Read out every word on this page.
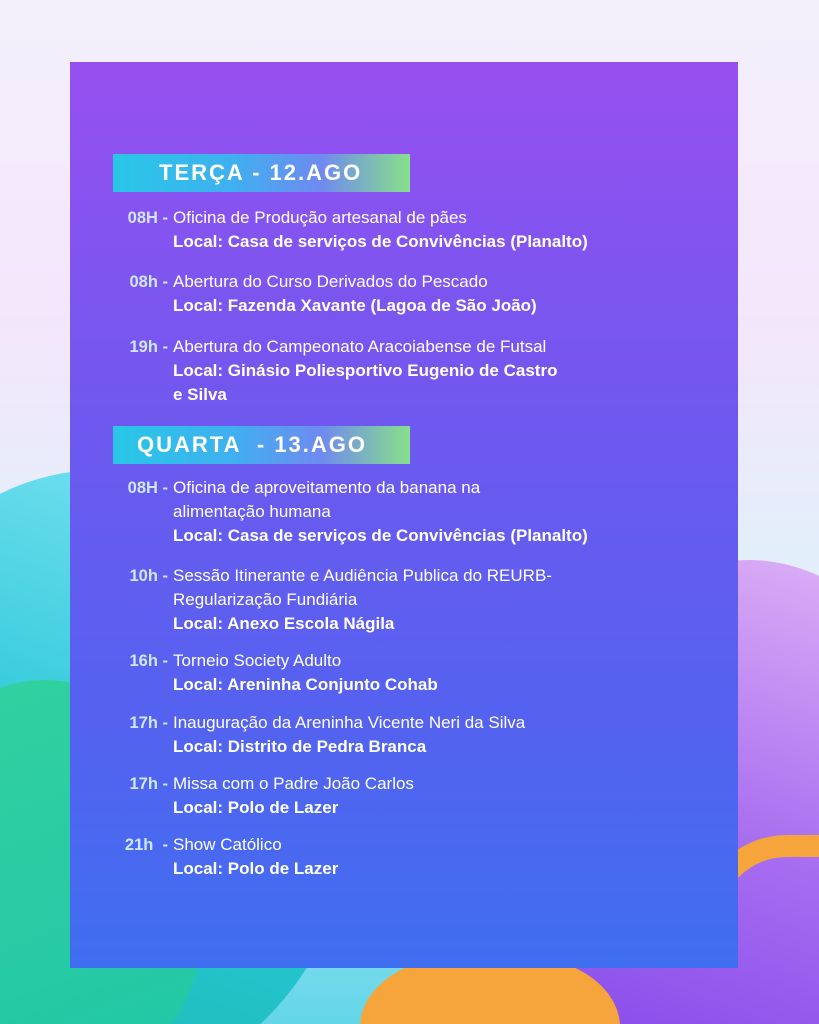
TERÇA - 12.AGO
08H - Oficina de Produção artesanal de pães
Local: Casa de serviços de Convivências (Planalto)
08h - Abertura do Curso Derivados do Pescado
Local: Fazenda Xavante (Lagoa de São João)
19h - Abertura do Campeonato Aracoiabense de Futsal
Local: Ginásio Poliesportivo Eugenio de Castro
e Silva
QUARTA  - 13.AGO
08H - Oficina de aproveitamento da banana na
alimentação humana
Local: Casa de serviços de Convivências (Planalto)
10h - Sessão Itinerante e Audiência Publica do REURB-
Regularização Fundiária
Local: Anexo Escola Nágila
16h - Torneio Society Adulto
Local: Areninha Conjunto Cohab
17h - Inauguração da Areninha Vicente Neri da Silva
Local: Distrito de Pedra Branca
17h - Missa com o Padre João Carlos
Local: Polo de Lazer
21h  - Show Católico
Local: Polo de Lazer
